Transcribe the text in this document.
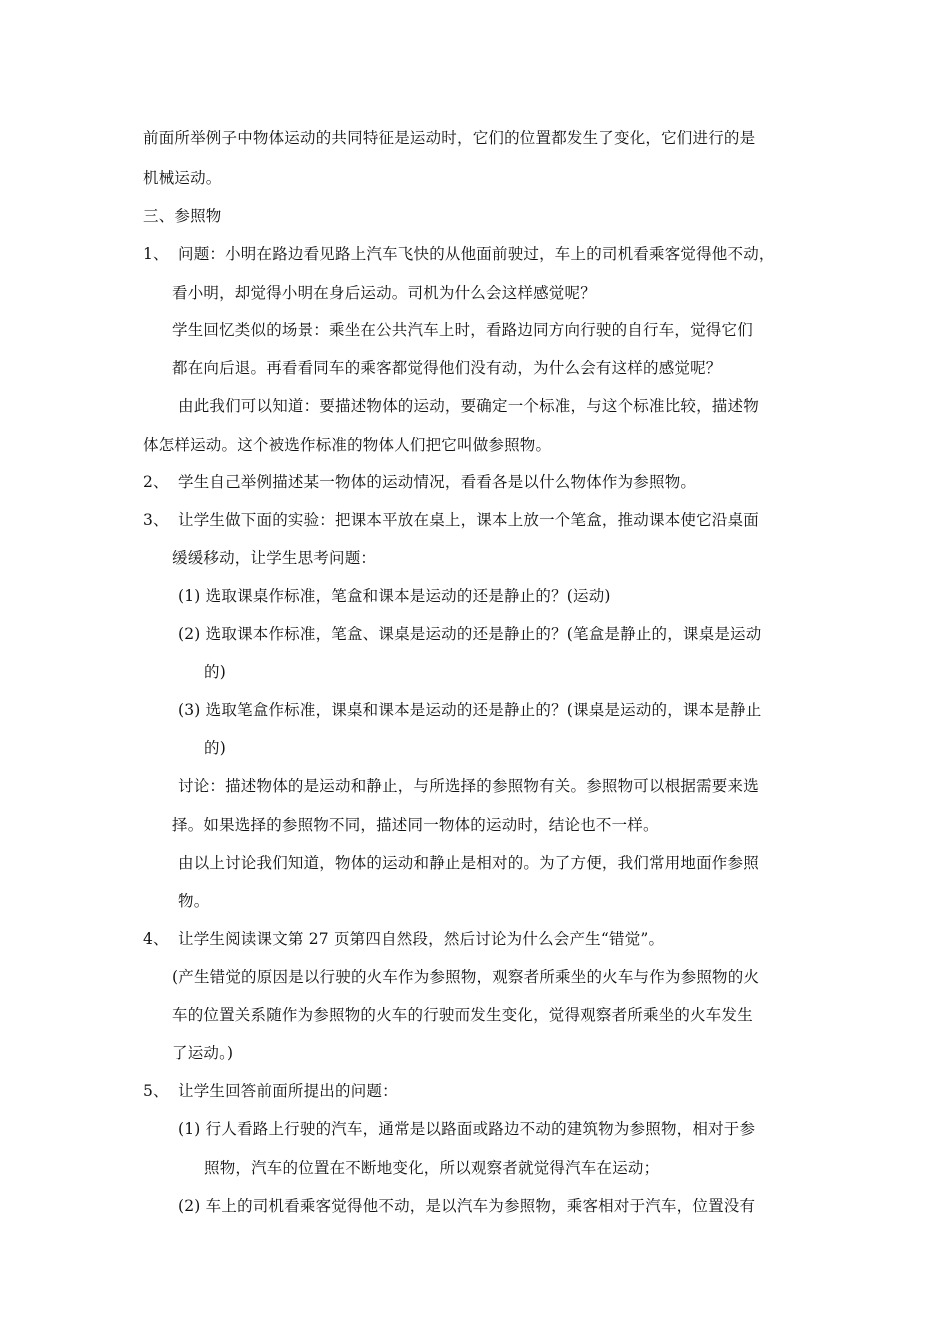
前面所举例子中物体运动的共同特征是运动时，它们的位置都发生了变化，它们进行的是
机械运动。
三、参照物
1、 问题：小明在路边看见路上汽车飞快的从他面前驶过，车上的司机看乘客觉得他不动，
看小明，却觉得小明在身后运动。司机为什么会这样感觉呢？
学生回忆类似的场景：乘坐在公共汽车上时，看路边同方向行驶的自行车，觉得它们
都在向后退。再看看同车的乘客都觉得他们没有动，为什么会有这样的感觉呢？
由此我们可以知道：要描述物体的运动，要确定一个标准，与这个标准比较，描述物
体怎样运动。这个被选作标准的物体人们把它叫做参照物。
2、 学生自己举例描述某一物体的运动情况，看看各是以什么物体作为参照物。
3、 让学生做下面的实验：把课本平放在桌上，课本上放一个笔盒，推动课本使它沿桌面
缓缓移动，让学生思考问题：
(1) 选取课桌作标准，笔盒和课本是运动的还是静止的？(运动)
(2) 选取课本作标准，笔盒、课桌是运动的还是静止的？(笔盒是静止的，课桌是运动
的)
(3) 选取笔盒作标准，课桌和课本是运动的还是静止的？(课桌是运动的，课本是静止
的)
讨论：描述物体的是运动和静止，与所选择的参照物有关。参照物可以根据需要来选
择。如果选择的参照物不同，描述同一物体的运动时，结论也不一样。
由以上讨论我们知道，物体的运动和静止是相对的。为了方便，我们常用地面作参照
物。
4、 让学生阅读课文第 27 页第四自然段，然后讨论为什么会产生“错觉”。
(产生错觉的原因是以行驶的火车作为参照物，观察者所乘坐的火车与作为参照物的火
车的位置关系随作为参照物的火车的行驶而发生变化，觉得观察者所乘坐的火车发生
了运动。)
5、 让学生回答前面所提出的问题：
(1) 行人看路上行驶的汽车，通常是以路面或路边不动的建筑物为参照物，相对于参
照物，汽车的位置在不断地变化，所以观察者就觉得汽车在运动；
(2) 车上的司机看乘客觉得他不动，是以汽车为参照物，乘客相对于汽车，位置没有
